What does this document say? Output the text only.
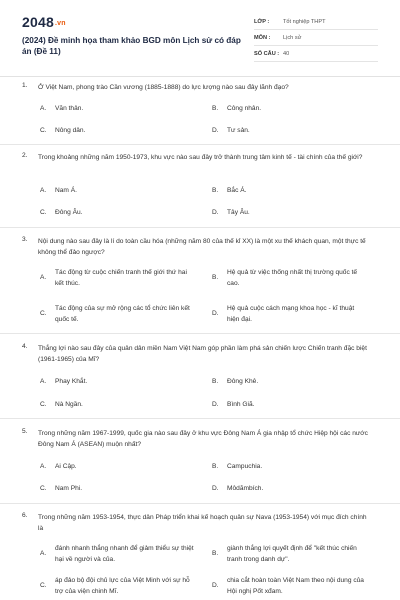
2048.vn
(2024) Đề minh họa tham khảo BGD môn Lịch sử có đáp án (Đề 11)
LỚP :	Tốt nghiệp THPT
MÔN :	Lịch sử
SỐ CÂU : 40
1. Ở Việt Nam, phong trào Cần vương (1885-1888) do lực lượng nào sau đây lãnh đạo?
A. Văn thân.	B. Công nhân.
C. Nông dân.	D. Tư sản.
2. Trong khoảng những năm 1950-1973, khu vực nào sau đây trở thành trung tâm kinh tế - tài chính của thế giới?
A. Nam Á.	B. Bắc Á.
C. Đông Âu.	D. Tây Âu.
3. Nội dung nào sau đây là lí do toàn cầu hóa (những năm 80 của thế kỉ XX) là một xu thế khách quan, một thực tế không thể đảo ngược?
A.
Tác động từ cuộc chiến tranh thế giới thứ hai kết thúc.
B.
Hệ quả từ việc thống nhất thị trường quốc tế cao.
C.
Tác động của sự mở rộng các tổ chức liên kết quốc tế.
D.
Hệ quả cuộc cách mạng khoa học - kĩ thuật hiện đại.
4. Thắng lợi nào sau đây của quân dân miền Nam Việt Nam góp phần làm phá sản chiến lược Chiến tranh đặc biệt (1961-1965) của Mĩ?
A. Phay Khắt.	B. Đông Khê.
C. Nà Ngần.	D. Bình Giã.
5. Trong những năm 1967-1999, quốc gia nào sau đây ở khu vực Đông Nam Á gia nhập tổ chức Hiệp hội các nước Đông Nam Á (ASEAN) muộn nhất?
A. Ai Cập.	B. Campuchia.
C. Nam Phi.	D. Môdămbích.
6. Trong những năm 1953-1954, thực dân Pháp triển khai kế hoạch quân sự Nava (1953-1954) với mục đích chính là
A.
đánh nhanh thắng nhanh để giảm thiểu sự thiệt hại về người và của.
B.
giành thắng lợi quyết định để "kết thúc chiến tranh trong danh dự".
C.
áp đảo bộ đội chủ lực của Việt Minh với sự hỗ trợ của viện chinh Mĩ.
D.
chia cắt hoàn toàn Việt Nam theo nội dung của Hội nghị Pốt xđam.
